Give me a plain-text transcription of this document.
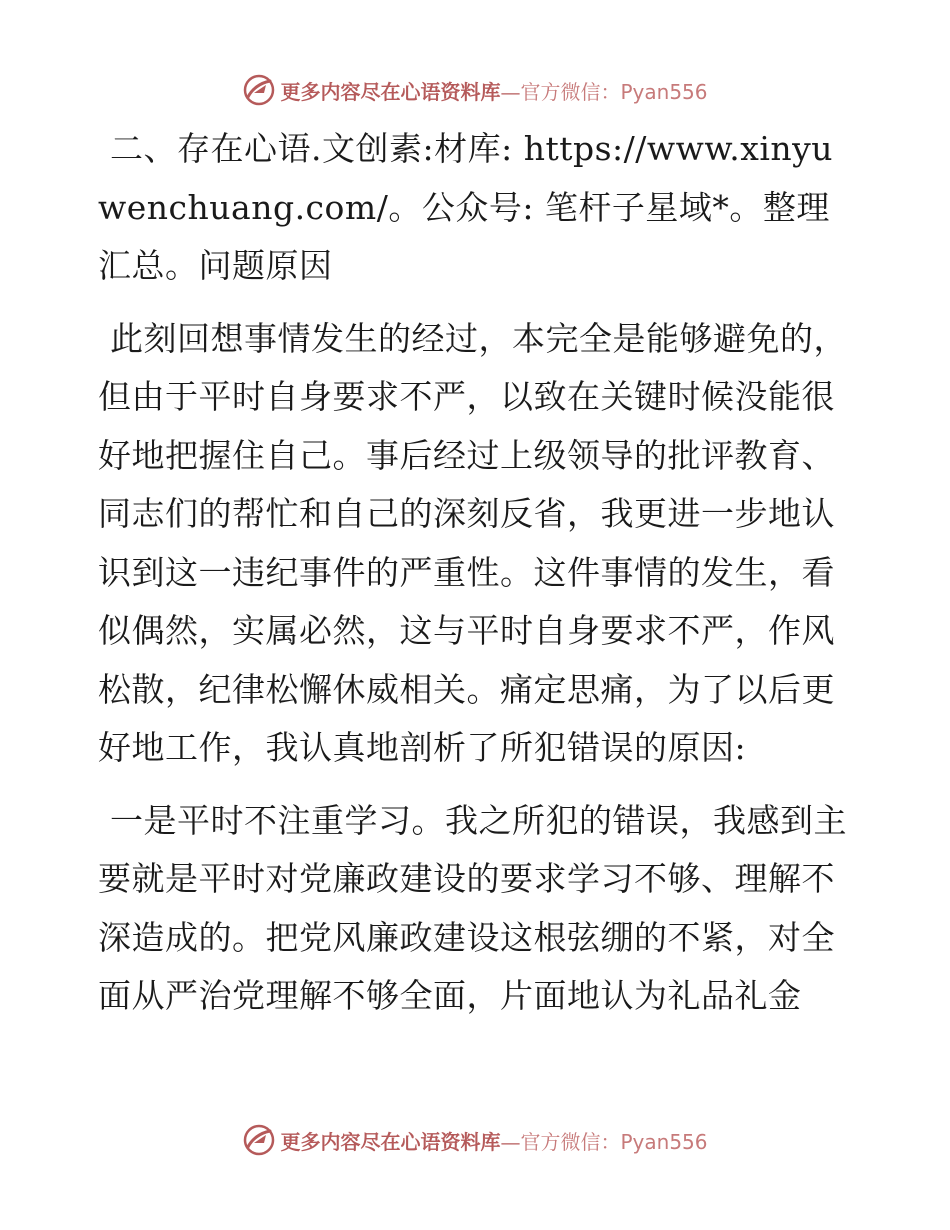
更多内容尽在心语资料库—官方微信：Pyan556

二、存在心语.文创素:材库: https://www.xinyuwenchuang.com/。公众号: 笔杆子星域*。整理汇总。问题原因

此刻回想事情发生的经过，本完全是能够避免的，但由于平时自身要求不严，以致在关键时候没能很好地把握住自己。事后经过上级领导的批评教育、同志们的帮忙和自己的深刻反省，我更进一步地认识到这一违纪事件的严重性。这件事情的发生，看似偶然，实属必然，这与平时自身要求不严，作风松散，纪律松懈休威相关。痛定思痛，为了以后更好地工作，我认真地剖析了所犯错误的原因:

一是平时不注重学习。我之所犯的错误，我感到主要就是平时对党廉政建设的要求学习不够、理解不深造成的。把党风廉政建设这根弦绷的不紧，对全面从严治党理解不够全面，片面地认为礼品礼金

更多内容尽在心语资料库—官方微信：Pyan556
